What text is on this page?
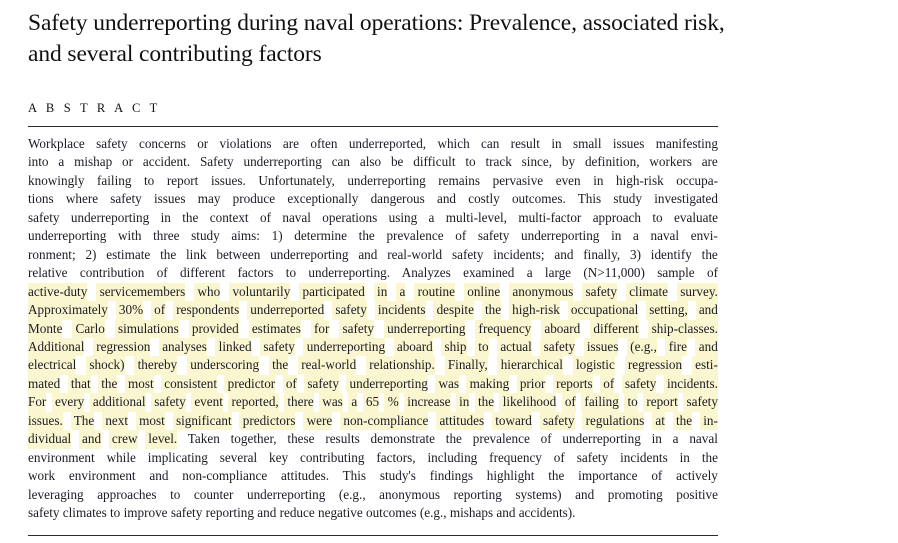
Safety underreporting during naval operations: Prevalence, associated risk,
and several contributing factors
A B S T R A C T
Workplace safety concerns or violations are often underreported, which can result in small issues manifesting
into a mishap or accident. Safety underreporting can also be difficult to track since, by definition, workers are
knowingly failing to report issues. Unfortunately, underreporting remains pervasive even in high-risk occupa-
tions where safety issues may produce exceptionally dangerous and costly outcomes. This study investigated
safety underreporting in the context of naval operations using a multi-level, multi-factor approach to evaluate
underreporting with three study aims: 1) determine the prevalence of safety underreporting in a naval envi-
ronment; 2) estimate the link between underreporting and real-world safety incidents; and finally, 3) identify the
relative contribution of different factors to underreporting. Analyzes examined a large (N>11,000) sample of
active-duty servicemembers who voluntarily participated in a routine online anonymous safety climate survey.
Approximately 30% of respondents underreported safety incidents despite the high-risk occupational setting, and
Monte Carlo simulations provided estimates for safety underreporting frequency aboard different ship-classes.
Additional regression analyses linked safety underreporting aboard ship to actual safety issues (e.g., fire and
electrical shock) thereby underscoring the real-world relationship. Finally, hierarchical logistic regression esti-
mated that the most consistent predictor of safety underreporting was making prior reports of safety incidents.
For every additional safety event reported, there was a 65 % increase in the likelihood of failing to report safety
issues. The next most significant predictors were non-compliance attitudes toward safety regulations at the in-
dividual and crew level. Taken together, these results demonstrate the prevalence of underreporting in a naval
environment while implicating several key contributing factors, including frequency of safety incidents in the
work environment and non-compliance attitudes. This study's findings highlight the importance of actively
leveraging approaches to counter underreporting (e.g., anonymous reporting systems) and promoting positive
safety climates to improve safety reporting and reduce negative outcomes (e.g., mishaps and accidents).
